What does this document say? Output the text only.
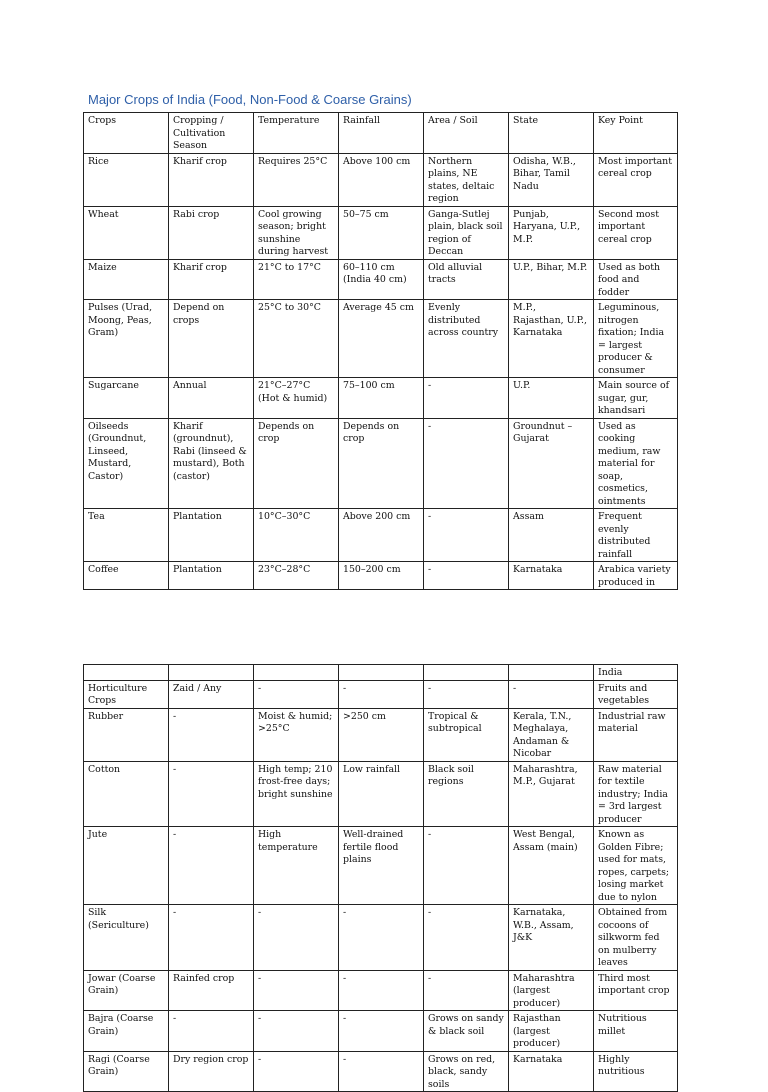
Major Crops of India (Food, Non-Food & Coarse Grains)
Crops	Cropping / Cultivation Season	Temperature	Rainfall	Area / Soil	State	Key Point
Rice	Kharif crop	Requires 25°C	Above 100 cm	Northern plains, NE states, deltaic region	Odisha, W.B., Bihar, Tamil Nadu	Most important cereal crop
Wheat	Rabi crop	Cool growing season; bright sunshine during harvest	50–75 cm	Ganga-Sutlej plain, black soil region of Deccan	Punjab, Haryana, U.P., M.P.	Second most important cereal crop
Maize	Kharif crop	21°C to 17°C	60–110 cm (India 40 cm)	Old alluvial tracts	U.P., Bihar, M.P.	Used as both food and fodder
Pulses (Urad, Moong, Peas, Gram)	Depend on crops	25°C to 30°C	Average 45 cm	Evenly distributed across country	M.P., Rajasthan, U.P., Karnataka	Leguminous, nitrogen fixation; India = largest producer & consumer
Sugarcane	Annual	21°C–27°C (Hot & humid)	75–100 cm	-	U.P.	Main source of sugar, gur, khandsari
Oilseeds (Groundnut, Linseed, Mustard, Castor)	Kharif (groundnut), Rabi (linseed & mustard), Both (castor)	Depends on crop	Depends on crop	-	Groundnut – Gujarat	Used as cooking medium, raw material for soap, cosmetics, ointments
Tea	Plantation	10°C–30°C	Above 200 cm	-	Assam	Frequent evenly distributed rainfall
Coffee	Plantation	23°C–28°C	150–200 cm	-	Karnataka	Arabica variety produced in
						India
Horticulture Crops	Zaid / Any	-	-	-	-	Fruits and vegetables
Rubber	-	Moist & humid; >25°C	>250 cm	Tropical & subtropical	Kerala, T.N., Meghalaya, Andaman & Nicobar	Industrial raw material
Cotton	-	High temp; 210 frost-free days; bright sunshine	Low rainfall	Black soil regions	Maharashtra, M.P., Gujarat	Raw material for textile industry; India = 3rd largest producer
Jute	-	High temperature	Well-drained fertile flood plains	-	West Bengal, Assam (main)	Known as Golden Fibre; used for mats, ropes, carpets; losing market due to nylon
Silk (Sericulture)	-	-	-	-	Karnataka, W.B., Assam, J&K	Obtained from cocoons of silkworm fed on mulberry leaves
Jowar (Coarse Grain)	Rainfed crop	-	-	-	Maharashtra (largest producer)	Third most important crop
Bajra (Coarse Grain)	-	-	-	Grows on sandy & black soil	Rajasthan (largest producer)	Nutritious millet
Ragi (Coarse Grain)	Dry region crop	-	-	Grows on red, black, sandy soils	Karnataka	Highly nutritious
